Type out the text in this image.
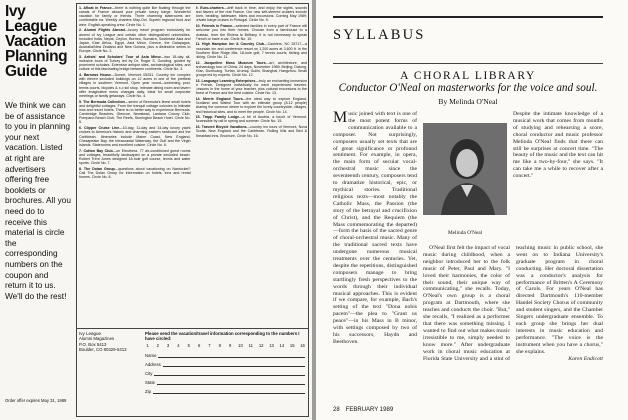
Ivy
League
Vacation
Planning
Guide
We think we can be of assistance to you in planning your next vacation. Listed at right are advertisers offering free booklets or brochures. All you need do to receive this material is circle the corresponding numbers on the coupon and return it to us. We'll do the rest!
Order offer expires May 31, 1989
1. Afloat in France—there is nothing quite like floating through the canals of France aboard your private luxury barge. Wonderful vacation for family or friends. Three charming staterooms are comfortable ea. Weekly charters May-Oct. Superb regional food and wine. English-speaking crew. Circle No. 1.
2. Alumni Flights Abroad—luxury travel program exclusively for alumni of Ivy League and certain other distinguished universities. Included India, Nepal, Ceylon, Borneo, Sumatra, Southeast Asia and Japan, East Africa, Egypt, Asia Minor, Greece, the Galapagos, Australia/New Zealand and New Guinea, plus a distinctive series to Europe. Circle No. 2.
3. Artists' and Scholars' Tour of Asia Minor—two 18-day all-inclusive tours of Turkey led by Dr. Roger S. Gooding, guided by prominent scholars. Extensive antique sites, archaeological sites, and culture of this fascinating bridge between continents. Circle No. 3.
4. Barrows House—Dorset, Vermont 05251. Country inn complex with eleven secluded buildings on 12 acres in one of the prettiest villages in southern Vermont. Open year round—swimming pool, tennis courts, bicycles & x-c ski shop. Intimate dining room and tavern offer imaginative menu changes daily. Ideal for small corporate meetings or family getaways. Circle No. 4.
5. The Bermuda Collection—seven of Bermuda's finest small hotels and delightful cottages. From the tranquil cottage colonies to intimate inns and resort hotels. There is no better way to experience Bermuda. Cambridge Beaches, Glencoe, Newstead, Lantana Colony Club, Pompano Beach Club, The Reefs, Stonington Beach Hotel. Circle No. 5.
6. Clipper Cruise Line—10-day, 11-day and 14-day luxury yacht cruises to America's historic and charming eastern seaboard and the Caribbean. Itineraries include Maine Coast, New England, Chesapeake Bay, the Intracoastal Waterway, the Gulf and the Virgin Islands. Staterooms and excellent cuisine. Circle No. 6.
7. Cotton Bay Club—on Eleuthera. 77 air-conditioned guest rooms and cottages, beautifully landscaped on a private secluded beach. Robert Trent Jones designed 18-hole golf course, tennis and water sports. Circle No. 7.
8. The Dolan Group—questions about vacationing on Nantucket? Call The Dolan Group for information on hotels, inns and rental homes. Circle No. 8.
9. Euro-charters—drift back in time, and enjoy the sights, sounds and flavors of the real France. Our new self-steered cruisers include linen, bedding, tableware, bikes and excursions. Coming May 1989: private barge cruises in Portugal. Circle No. 9.
10. Friends in France—selected families in every part of France will welcome you into their homes. Choose from a farmhouse to a chateau, from the Riviera to Brittany. It is not necessary to speak French or have a car. Circle No. 10.
11. High Hampton Inn & Country Club—Cashiers, NC 28717—a mountain inn and conference resort on 1,200 acres at 3,600 ft. in the Southern Blue Ridge Mts. 18-hole golf, 7 tennis courts, fishing and hiking. Circle No. 11.
12. Jacqueline Moss Museum Tours—art, architecture, and archaeology tour of China: 24 days, November 1989: Beijing, Datong, Xi'an, Dunhuang, Turfan, Urumqi, Guilin, Shanghai, Hangzhou. Small groups led by experts. Circle No. 12.
13. Language Learning Enterprises—truly an enchanting immersion in French. Designed individually for each experienced traveler. Lessons in the home of your teacher, plus cultural excursions to the finest of France and the best cuisine. Circle No. 13.
14. Merrie England Tours—the ideal way to explore England, Scotland and Wales! Tour with an intimate group (8-12 people) sharing the common desire to explore the lovely countryside, villages, and historical sites, and to meet the people. Circle No. 14.
15. Trapp Family Lodge—a bit of Austria, a touch of Vermont. Accessible by rail in spring and summer. Circle No. 15.
16. Travent Bicycle Vacations—country inn tours of Vermont, Nova Scotia, New England and the Caribbean. Rolling hills and Bed & Breakfast inns. Brochure, Circle No. 16.
Ivy League
Alumni Magazines
P.O. Box 5413
Boulder, CO 80329-5413
Please send the vacation/travel information corresponding to the numbers I have circled:
1 2 3 4 5 6 7 8 9 10 11 12 13 14 15 16
Name
Address
City
State
Zip
SYLLABUS
A CHORAL LIBRARY
Conductor O'Neal on masterworks for the voice and soul.
By Melinda O'Neal

Music joined with text is one of the most potent forms of communication available to a composer. Not surprisingly, composers usually set texts that are of great significance or profound sentiment. For example, in opera, the main form of secular vocal-orchestral music since the seventeenth century, composers tend to dramatize historical, epic, or mythical stories. Traditional religious texts—most notably the Catholic Mass, the Passion (the story of the betrayal and crucifixion of Christ), and the Requiem (the Mass commemorating the departed)—form the basis of the sacred genre of choral-orchestral music. Many of the traditional sacred texts have undergone numerous musical treatments over the centuries. Yet, despite the repetitions, distinguished composers manage to bring startlingly fresh perspectives to the words through their individual musical approaches. This is evident if we compare, for example, Bach's setting of the text "Dona nobis pacem"—the plea to "Grant us peace"—in his Mass in B minor, with settings composed by two of his successors, Haydn and Beethoven.

Melinda O'Neal

Despite the intimate knowledge of a musical work that comes from months of studying and rehearsing a score, choral conductor and music professor Melinda O'Neal finds that there can still be surprises at concert time. "The beauty of the music and the text can hit me like a two-by-four," she says. "It can take me a while to recover after a concert."

O'Neal first felt the impact of vocal music during childhood, when a neighbor introduced her to the folk music of Peter, Paul and Mary. "I loved their harmonies, the color of their sound, their unique way of communicating," she recalls. Today, O'Neal's own group is a choral program at Dartmouth, where she teaches and conducts the choir. "But," she recalls, "I realized as a performer that there was something missing. I wanted to find out what makes music irresistible to me, simply needed to know more." After undergraduate work in choral music education at Florida State University and a stint of teaching music in public school, she went on to Indiana University's graduate program in choral conducting. Her doctoral dissertation was a conductor's analysis for performance of Britten's A Ceremony of Carols. For years O'Neal has directed Dartmouth's 110-member Handel Society Chorus of community and student singers, and the Chamber Singers undergraduate ensemble. To each group she brings her dual interests in music education and performance. "The voice is the instrument when you have a chorus," she explains.

Karen Endicott

28 FEBRUARY 1989
